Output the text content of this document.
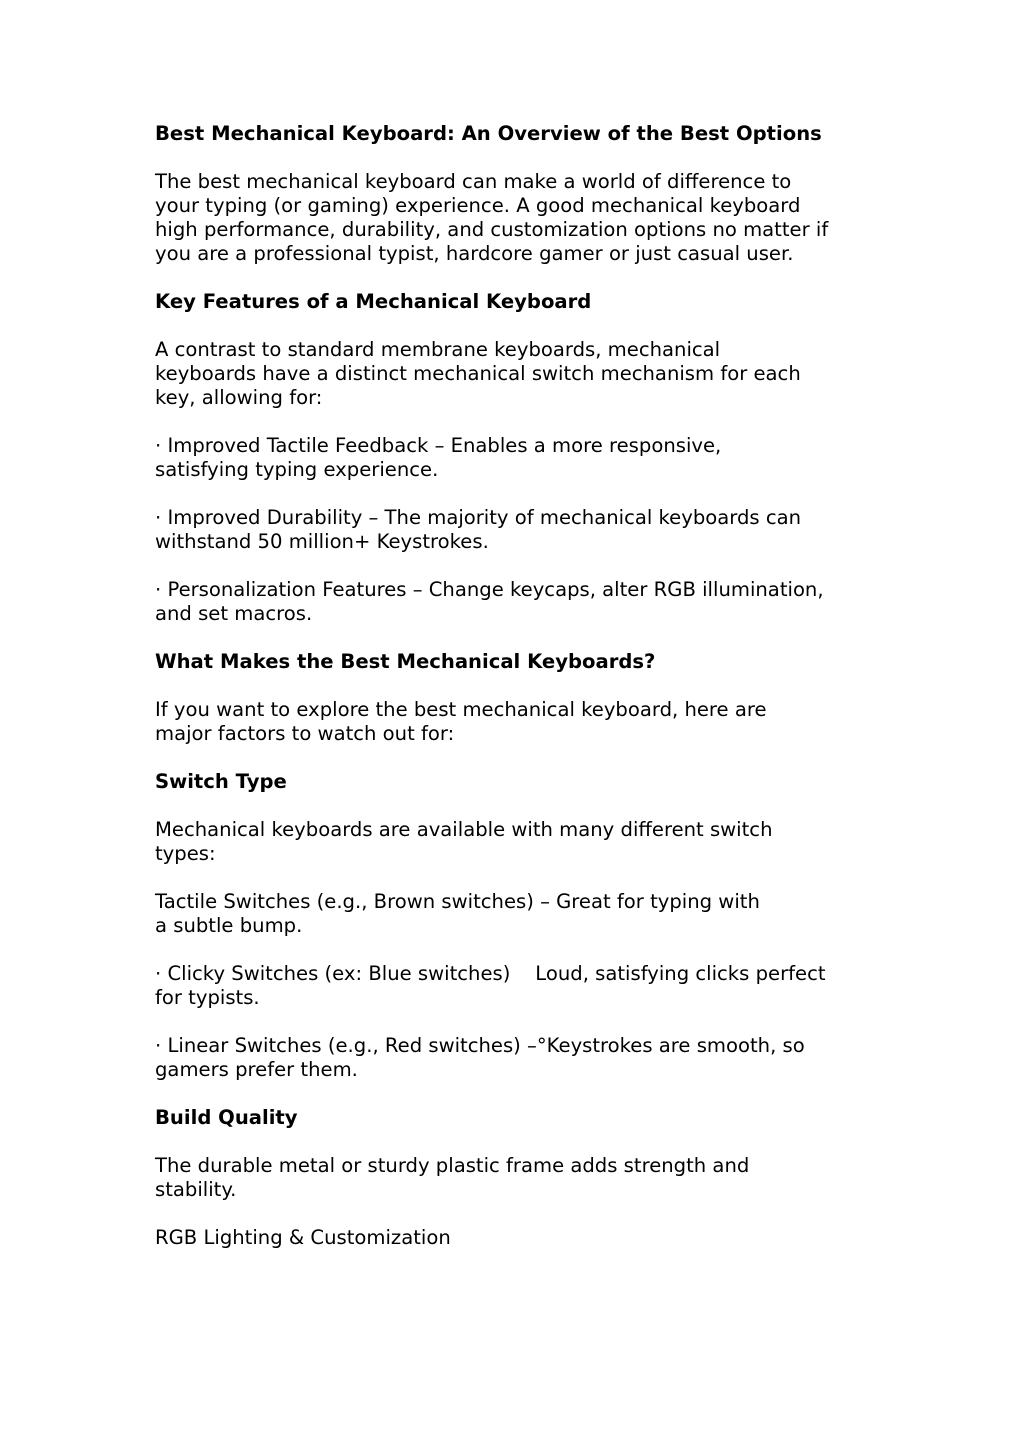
Best Mechanical Keyboard: An Overview of the Best Options
The best mechanical keyboard can make a world of difference to
your typing (or gaming) experience. A good mechanical keyboard
high performance, durability, and customization options no matter if
you are a professional typist, hardcore gamer or just casual user.
Key Features of a Mechanical Keyboard
A contrast to standard membrane keyboards, mechanical
keyboards have a distinct mechanical switch mechanism for each
key, allowing for:
· Improved Tactile Feedback – Enables a more responsive,
satisfying typing experience.
· Improved Durability – The majority of mechanical keyboards can
withstand 50 million+ Keystrokes.
· Personalization Features – Change keycaps, alter RGB illumination,
and set macros.
What Makes the Best Mechanical Keyboards?
If you want to explore the best mechanical keyboard, here are
major factors to watch out for:
Switch Type
Mechanical keyboards are available with many different switch
types:
Tactile Switches (e.g., Brown switches) – Great for typing with
a subtle bump.
· Clicky Switches (ex: Blue switches)    Loud, satisfying clicks perfect
for typists.
· Linear Switches (e.g., Red switches) –°Keystrokes are smooth, so
gamers prefer them.
Build Quality
The durable metal or sturdy plastic frame adds strength and
stability.
RGB Lighting & Customization
